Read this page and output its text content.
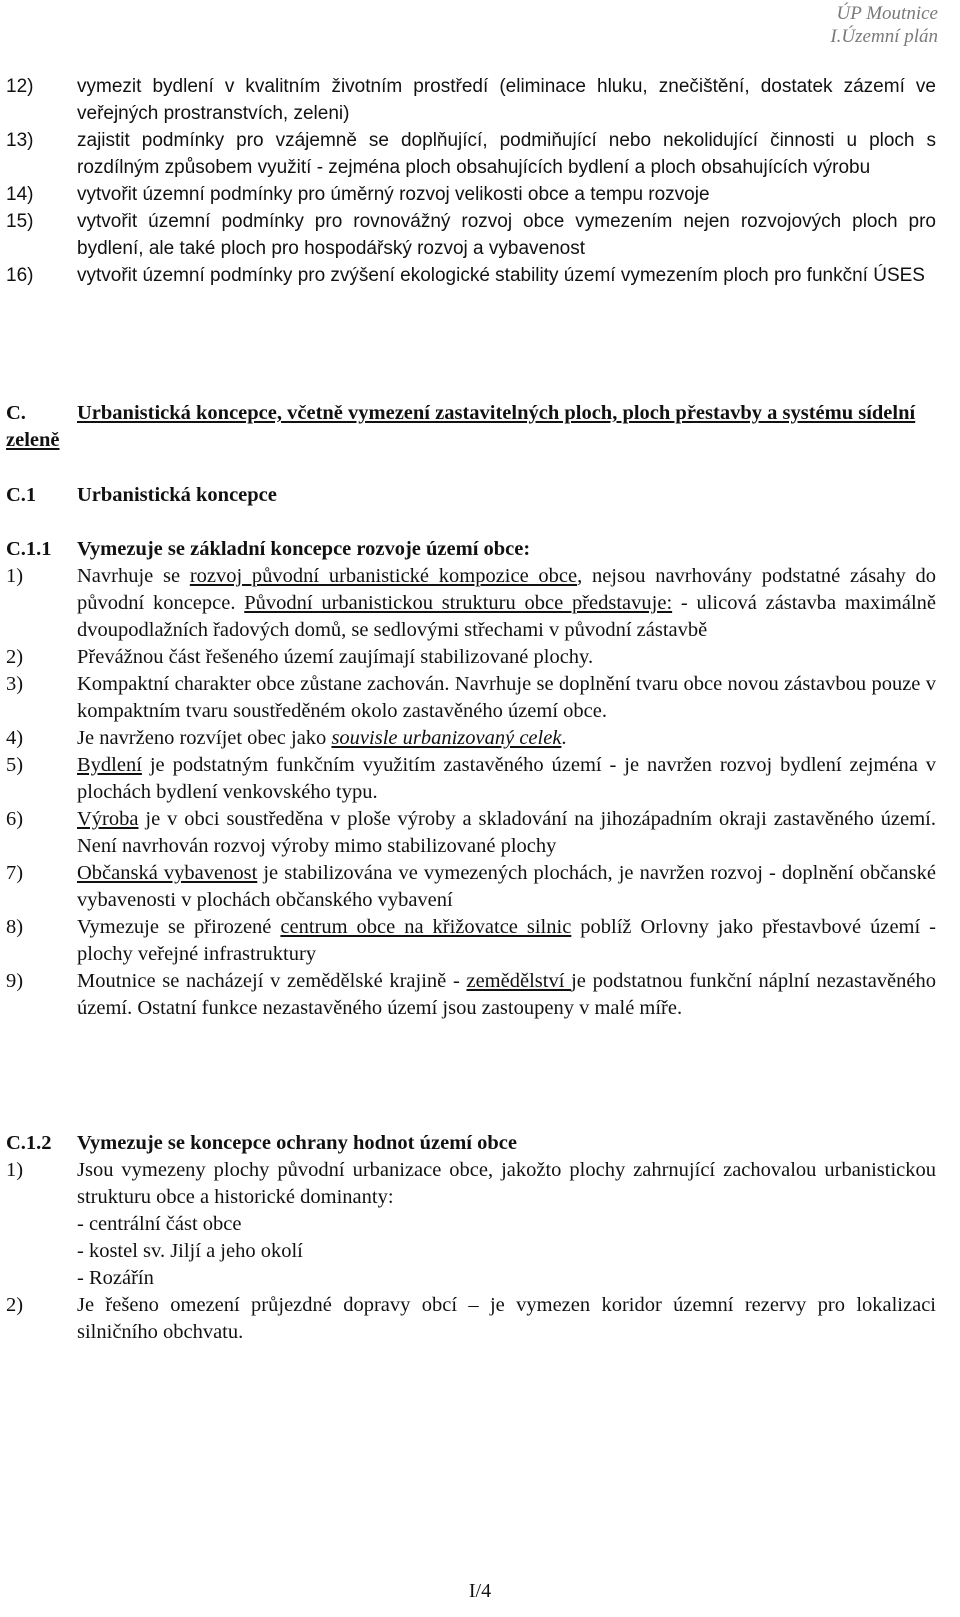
ÚP Moutnice
I.Územní plán
12)	vymezit bydlení v kvalitním životním prostředí (eliminace hluku, znečištění, dostatek zázemí ve veřejných prostranstvích, zeleni)
13)	zajistit podmínky pro vzájemně se doplňující, podmiňující nebo nekolidující činnosti u ploch s rozdílným způsobem využití - zejména ploch obsahujících bydlení a ploch obsahujících výrobu
14)	vytvořit územní podmínky pro úměrný rozvoj velikosti obce a tempu rozvoje
15)	vytvořit územní podmínky pro rovnovážný rozvoj obce vymezením nejen rozvojových ploch pro bydlení, ale také ploch pro hospodářský rozvoj a vybavenost
16)	vytvořit územní podmínky pro zvýšení ekologické stability území vymezením ploch pro funkční ÚSES
C. Urbanistická koncepce, včetně vymezení zastavitelných ploch, ploch přestavby a systému sídelní zeleně
C.1	Urbanistická koncepce
C.1.1	Vymezuje se základní koncepce rozvoje území obce:
1)	Navrhuje se rozvoj původní urbanistické kompozice obce, nejsou navrhovány podstatné zásahy do původní koncepce. Původní urbanistickou strukturu obce představuje: - ulicová zástavba maximálně dvoupodlažních řadových domů, se sedlovými střechami v původní zástavbě
2)	Převážnou část řešeného území zaujímají stabilizované plochy.
3)	Kompaktní charakter obce zůstane zachován. Navrhuje se doplnění tvaru obce novou zástavbou pouze v kompaktním tvaru soustředěném okolo zastavěného území obce.
4)	Je navrženo rozvíjet obec jako souvisle urbanizovaný celek.
5)	Bydlení je podstatným funkčním využitím zastavěného území - je navržen rozvoj bydlení zejména v plochách bydlení venkovského typu.
6)	Výroba je v obci soustředěna v ploše výroby a skladování na jihozápadním okraji zastavěného území. Není navrhován rozvoj výroby mimo stabilizované plochy
7)	Občanská vybavenost je stabilizována ve vymezených plochách, je navržen rozvoj - doplnění občanské vybavenosti v plochách občanského vybavení
8)	Vymezuje se přirozené centrum obce na křižovatce silnic poblíž Orlovny jako přestavbové území - plochy veřejné infrastruktury
9)	Moutnice se nacházejí v zemědělské krajině - zemědělství je podstatnou funkční náplní nezastavěného území. Ostatní funkce nezastavěného území jsou zastoupeny v malé míře.
C.1.2	Vymezuje se koncepce ochrany hodnot území obce
1)	Jsou vymezeny plochy původní urbanizace obce, jakožto plochy zahrnující zachovalou urbanistickou strukturu obce a historické dominanty:
- centrální část obce
- kostel sv. Jiljí a jeho okolí
- Rozářín
2)	Je řešeno omezení průjezdné dopravy obcí – je vymezen koridor územní rezervy pro lokalizaci silničního obchvatu.
I/4
